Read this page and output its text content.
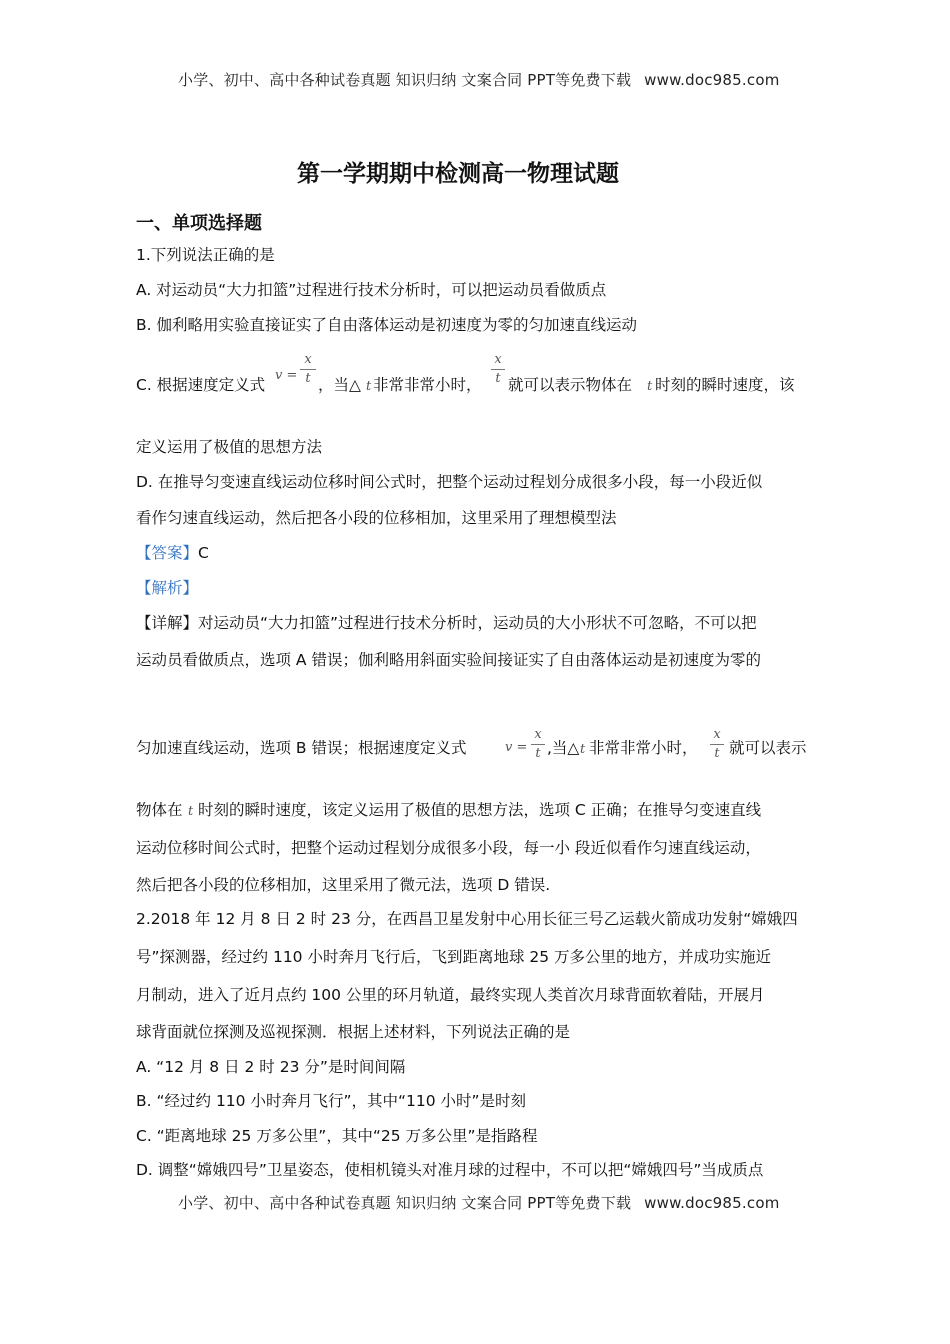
小学、初中、高中各种试卷真题 知识归纳 文案合同 PPT等免费下载 www.doc985.com
第一学期期中检测高一物理试题
一、单项选择题
1.下列说法正确的是
A. 对运动员“大力扣篮”过程进行技术分析时，可以把运动员看做质点
B. 伽利略用实验直接证实了自由落体运动是初速度为零的匀加速直线运动
C. 根据速度定义式
v =
x
t ，当△ t 非常非常小时，
x
t 就可以表示物体在 t 时刻的瞬时速度，该
定义运用了极值的思想方法
D. 在推导匀变速直线运动位移时间公式时，把整个运动过程划分成很多小段，每一小段近似
看作匀速直线运动，然后把各小段的位移相加，这里采用了理想模型法
【答案】C
【解析】
【详解】对运动员“大力扣篮”过程进行技术分析时，运动员的大小形状不可忽略，不可以把
运动员看做质点，选项 A 错误；伽利略用斜面实验间接证实了自由落体运动是初速度为零的
匀加速直线运动，选项 B 错误；根据速度定义式	v =
x
t ,当△ t 非常非常小时，
x
t 就可以表示
物体在 t 时刻的瞬时速度，该定义运用了极值的思想方法，选项 C 正确；在推导匀变速直线
运动位移时间公式时，把整个运动过程划分成很多小段，每一小 段近似看作匀速直线运动，
然后把各小段的位移相加，这里采用了微元法，选项 D 错误.
2.2018 年 12 月 8 日 2 时 23 分，在西昌卫星发射中心用长征三号乙运载火箭成功发射“嫦娥四
号”探测器，经过约 110 小时奔月飞行后，飞到距离地球 25 万多公里的地方，并成功实施近
月制动，进入了近月点约 100 公里的环月轨道，最终实现人类首次月球背面软着陆，开展月
球背面就位探测及巡视探测．根据上述材料，下列说法正确的是
A. “12 月 8 日 2 时 23 分”是时间间隔
B. “经过约 110 小时奔月飞行”，其中“110 小时”是时刻
C. “距离地球 25 万多公里”，其中“25 万多公里”是指路程
D. 调整“嫦娥四号”卫星姿态，使相机镜头对准月球的过程中，不可以把“嫦娥四号”当成质点
小学、初中、高中各种试卷真题 知识归纳 文案合同 PPT等免费下载 www.doc985.com
